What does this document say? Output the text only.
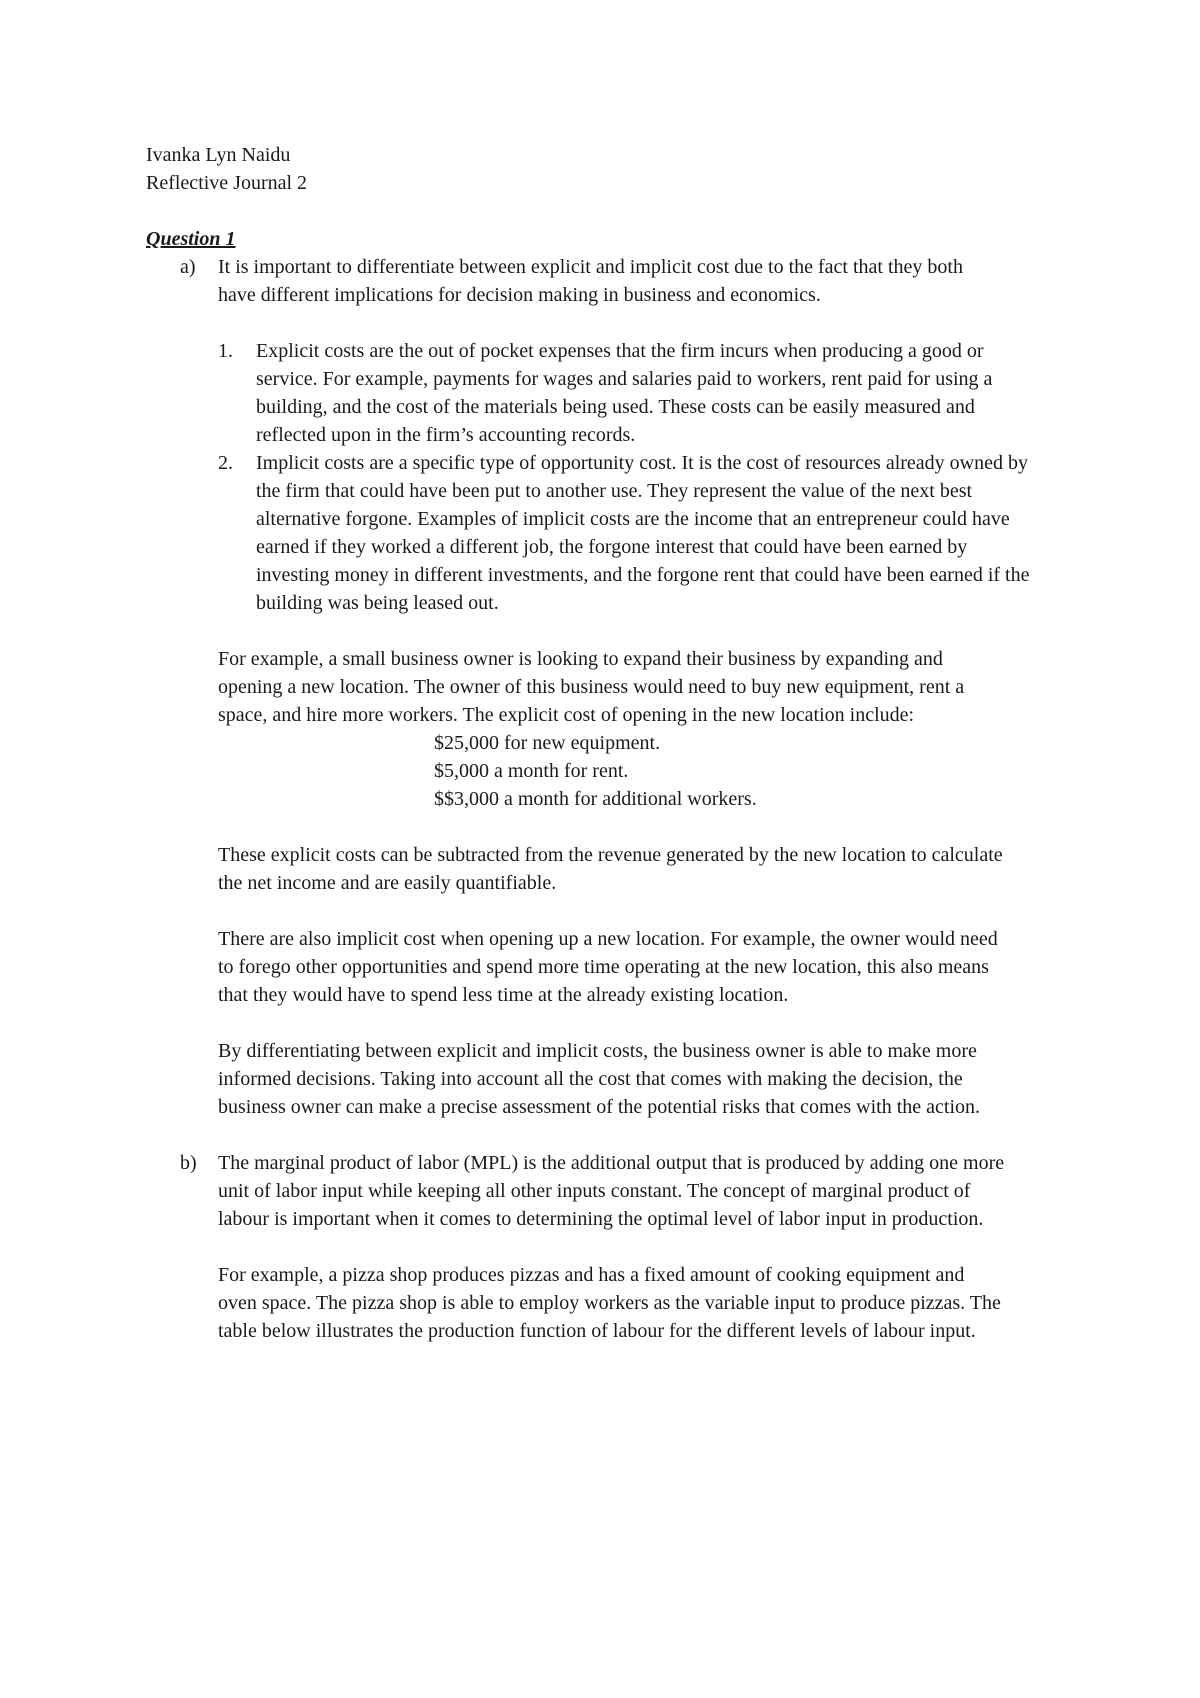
Ivanka Lyn Naidu
Reflective Journal 2
Question 1
a) It is important to differentiate between explicit and implicit cost due to the fact that they both have different implications for decision making in business and economics.
1. Explicit costs are the out of pocket expenses that the firm incurs when producing a good or service. For example, payments for wages and salaries paid to workers, rent paid for using a building, and the cost of the materials being used. These costs can be easily measured and reflected upon in the firm’s accounting records.
2. Implicit costs are a specific type of opportunity cost. It is the cost of resources already owned by the firm that could have been put to another use. They represent the value of the next best alternative forgone. Examples of implicit costs are the income that an entrepreneur could have earned if they worked a different job, the forgone interest that could have been earned by investing money in different investments, and the forgone rent that could have been earned if the building was being leased out.
For example, a small business owner is looking to expand their business by expanding and opening a new location. The owner of this business would need to buy new equipment, rent a space, and hire more workers. The explicit cost of opening in the new location include:
$25,000 for new equipment.
$5,000 a month for rent.
$$3,000 a month for additional workers.
These explicit costs can be subtracted from the revenue generated by the new location to calculate the net income and are easily quantifiable.
There are also implicit cost when opening up a new location. For example, the owner would need to forego other opportunities and spend more time operating at the new location, this also means that they would have to spend less time at the already existing location.
By differentiating between explicit and implicit costs, the business owner is able to make more informed decisions. Taking into account all the cost that comes with making the decision, the business owner can make a precise assessment of the potential risks that comes with the action.
b) The marginal product of labor (MPL) is the additional output that is produced by adding one more unit of labor input while keeping all other inputs constant. The concept of marginal product of labour is important when it comes to determining the optimal level of labor input in production.
For example, a pizza shop produces pizzas and has a fixed amount of cooking equipment and oven space. The pizza shop is able to employ workers as the variable input to produce pizzas. The table below illustrates the production function of labour for the different levels of labour input.
